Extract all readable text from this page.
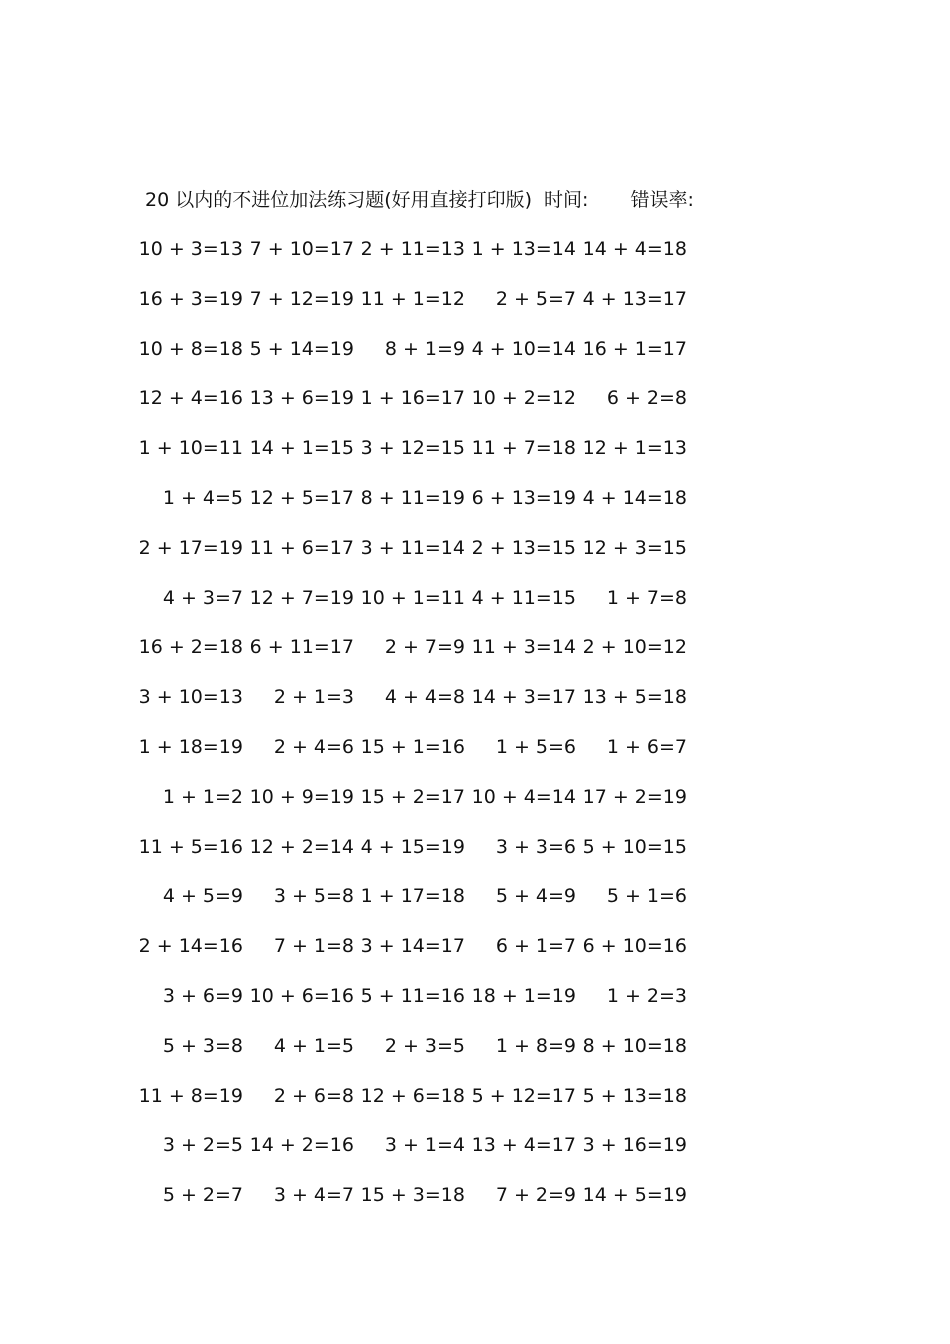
20 以内的不进位加法练习题(好用直接打印版) 时间: 错误率:
10 + 3=13 7 + 10=17 2 + 11=13 1 + 13=14 14 + 4=18
16 + 3=19 7 + 12=19 11 + 1=12 2 + 5=7 4 + 13=17
10 + 8=18 5 + 14=19 8 + 1=9 4 + 10=14 16 + 1=17
12 + 4=16 13 + 6=19 1 + 16=17 10 + 2=12 6 + 2=8
1 + 10=11 14 + 1=15 3 + 12=15 11 + 7=18 12 + 1=13
1 + 4=5 12 + 5=17 8 + 11=19 6 + 13=19 4 + 14=18
2 + 17=19 11 + 6=17 3 + 11=14 2 + 13=15 12 + 3=15
4 + 3=7 12 + 7=19 10 + 1=11 4 + 11=15 1 + 7=8
16 + 2=18 6 + 11=17 2 + 7=9 11 + 3=14 2 + 10=12
3 + 10=13 2 + 1=3 4 + 4=8 14 + 3=17 13 + 5=18
1 + 18=19 2 + 4=6 15 + 1=16 1 + 5=6 1 + 6=7
1 + 1=2 10 + 9=19 15 + 2=17 10 + 4=14 17 + 2=19
11 + 5=16 12 + 2=14 4 + 15=19 3 + 3=6 5 + 10=15
4 + 5=9 3 + 5=8 1 + 17=18 5 + 4=9 5 + 1=6
2 + 14=16 7 + 1=8 3 + 14=17 6 + 1=7 6 + 10=16
3 + 6=9 10 + 6=16 5 + 11=16 18 + 1=19 1 + 2=3
5 + 3=8 4 + 1=5 2 + 3=5 1 + 8=9 8 + 10=18
11 + 8=19 2 + 6=8 12 + 6=18 5 + 12=17 5 + 13=18
3 + 2=5 14 + 2=16 3 + 1=4 13 + 4=17 3 + 16=19
5 + 2=7 3 + 4=7 15 + 3=18 7 + 2=9 14 + 5=19
